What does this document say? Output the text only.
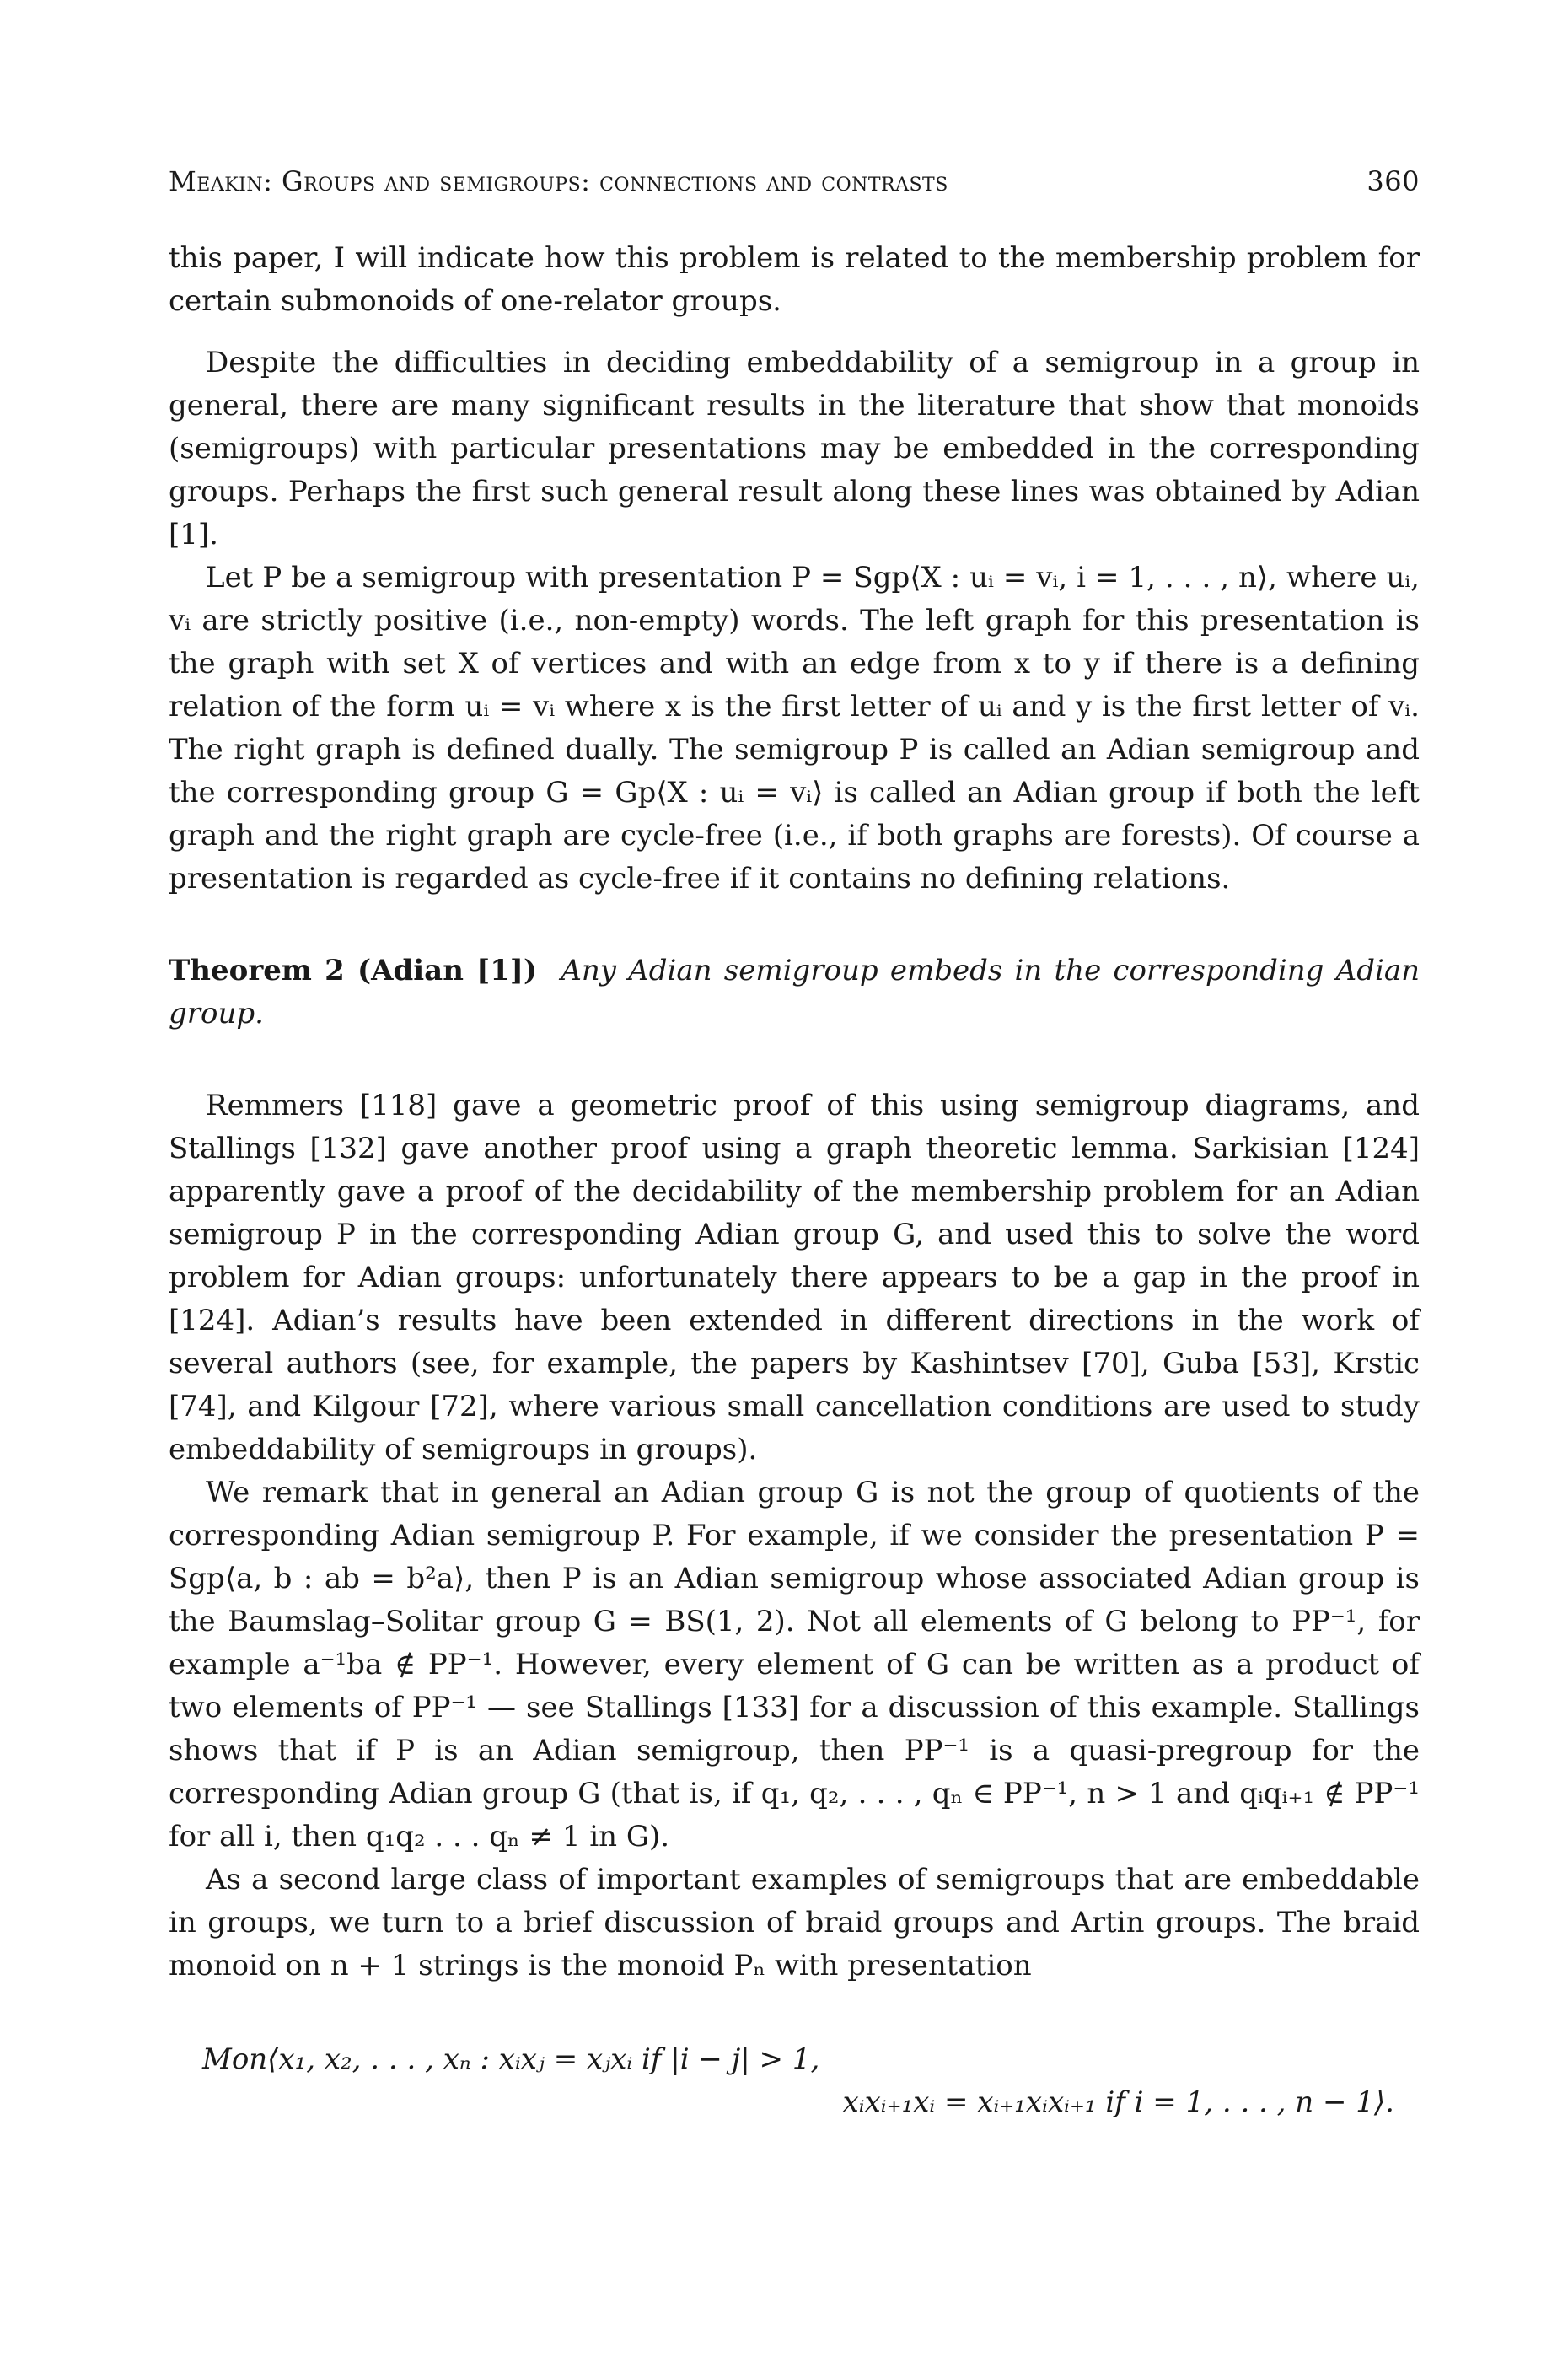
Meakin: Groups and semigroups: connections and contrasts	360

this paper, I will indicate how this problem is related to the membership problem for certain submonoids of one-relator groups.

Despite the difficulties in deciding embeddability of a semigroup in a group in general, there are many significant results in the literature that show that monoids (semigroups) with particular presentations may be embedded in the corresponding groups. Perhaps the first such general result along these lines was obtained by Adian [1].

Let P be a semigroup with presentation P = Sgp⟨X : uᵢ = vᵢ, i = 1, . . . , n⟩, where uᵢ, vᵢ are strictly positive (i.e., non-empty) words. The left graph for this presentation is the graph with set X of vertices and with an edge from x to y if there is a defining relation of the form uᵢ = vᵢ where x is the first letter of uᵢ and y is the first letter of vᵢ. The right graph is defined dually. The semigroup P is called an Adian semigroup and the corresponding group G = Gp⟨X : uᵢ = vᵢ⟩ is called an Adian group if both the left graph and the right graph are cycle-free (i.e., if both graphs are forests). Of course a presentation is regarded as cycle-free if it contains no defining relations.

Theorem 2 (Adian [1]) Any Adian semigroup embeds in the corresponding Adian group.

Remmers [118] gave a geometric proof of this using semigroup diagrams, and Stallings [132] gave another proof using a graph theoretic lemma. Sarkisian [124] apparently gave a proof of the decidability of the membership problem for an Adian semigroup P in the corresponding Adian group G, and used this to solve the word problem for Adian groups: unfortunately there appears to be a gap in the proof in [124]. Adian’s results have been extended in different directions in the work of several authors (see, for example, the papers by Kashintsev [70], Guba [53], Krstic [74], and Kilgour [72], where various small cancellation conditions are used to study embeddability of semigroups in groups).

We remark that in general an Adian group G is not the group of quotients of the corresponding Adian semigroup P. For example, if we consider the presentation P = Sgp⟨a, b : ab = b²a⟩, then P is an Adian semigroup whose associated Adian group is the Baumslag–Solitar group G = BS(1, 2). Not all elements of G belong to PP⁻¹, for example a⁻¹ba ∉ PP⁻¹. However, every element of G can be written as a product of two elements of PP⁻¹ — see Stallings [133] for a discussion of this example. Stallings shows that if P is an Adian semigroup, then PP⁻¹ is a quasi-pregroup for the corresponding Adian group G (that is, if q₁, q₂, . . . , qₙ ∈ PP⁻¹, n > 1 and qᵢqᵢ₊₁ ∉ PP⁻¹ for all i, then q₁q₂ . . . qₙ ≠ 1 in G).

As a second large class of important examples of semigroups that are embeddable in groups, we turn to a brief discussion of braid groups and Artin groups. The braid monoid on n + 1 strings is the monoid Pₙ with presentation

Mon⟨x₁, x₂, . . . , xₙ : xᵢxⱼ = xⱼxᵢ if |i − j| > 1,
xᵢxᵢ₊₁xᵢ = xᵢ₊₁xᵢxᵢ₊₁ if i = 1, . . . , n − 1⟩.
